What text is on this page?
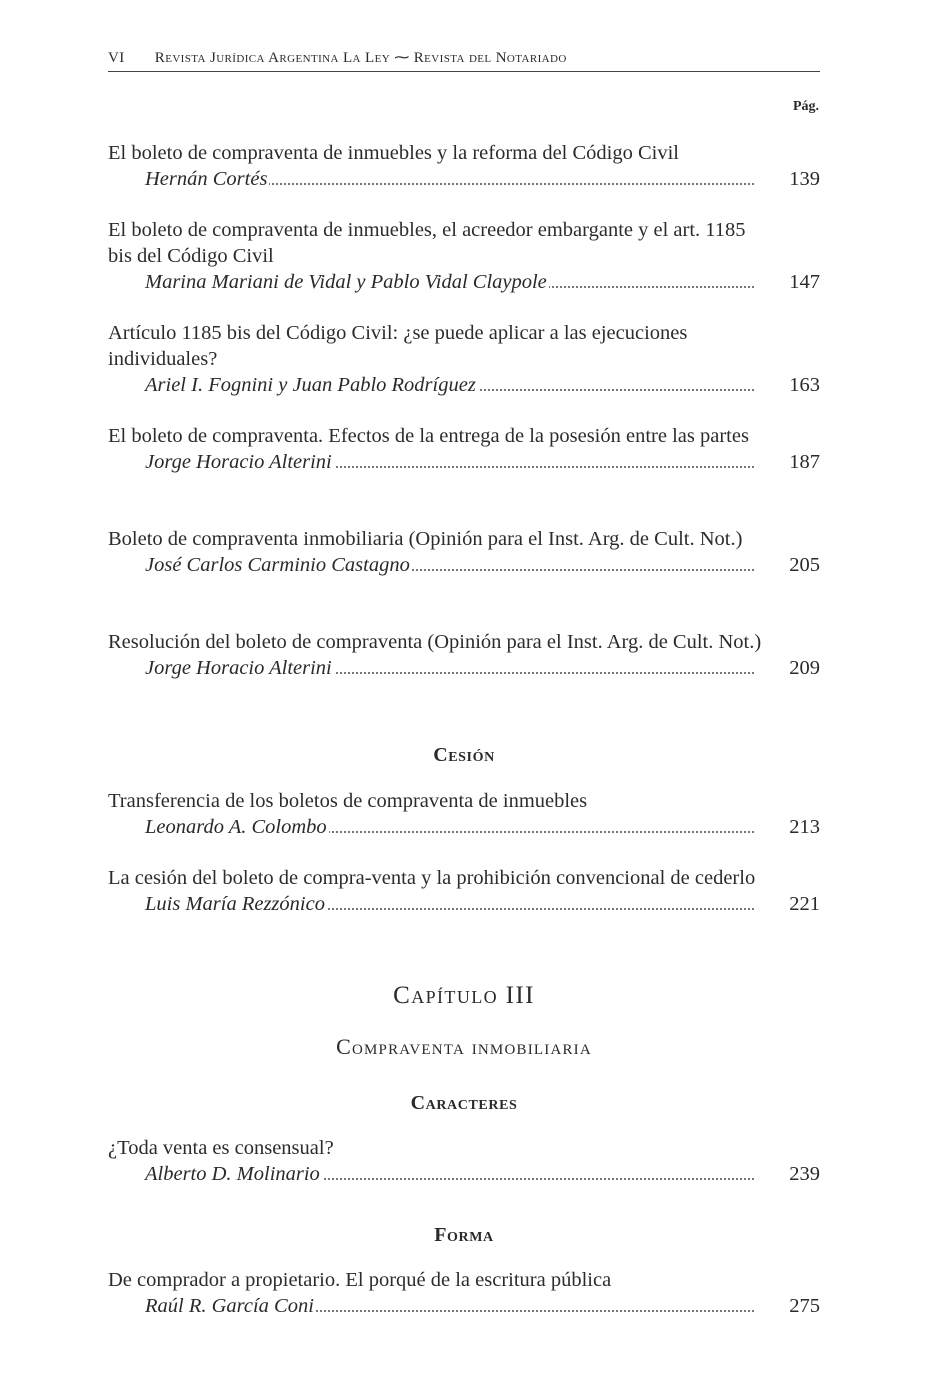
VI Revista Jurídica Argentina La Ley ⁓ Revista del Notariado
Pág.
El boleto de compraventa de inmuebles y la reforma del Código Civil
Hernán Cortés	139
El boleto de compraventa de inmuebles, el acreedor embargante y el art. 1185 bis del Código Civil
Marina Mariani de Vidal y Pablo Vidal Claypole	147
Artículo 1185 bis del Código Civil: ¿se puede aplicar a las ejecuciones individuales?
Ariel I. Fognini y Juan Pablo Rodríguez	163
El boleto de compraventa. Efectos de la entrega de la posesión entre las partes
Jorge Horacio Alterini	187
Boleto de compraventa inmobiliaria (Opinión para el Inst. Arg. de Cult. Not.)
José Carlos Carminio Castagno	205
Resolución del boleto de compraventa (Opinión para el Inst. Arg. de Cult. Not.)
Jorge Horacio Alterini	209
Cesión
Transferencia de los boletos de compraventa de inmuebles
Leonardo A. Colombo	213
La cesión del boleto de compra-venta y la prohibición convencional de cederlo
Luis María Rezzónico	221
Capítulo III
Compraventa inmobiliaria
Caracteres
¿Toda venta es consensual?
Alberto D. Molinario	239
Forma
De comprador a propietario. El porqué de la escritura pública
Raúl R. García Coni	275
